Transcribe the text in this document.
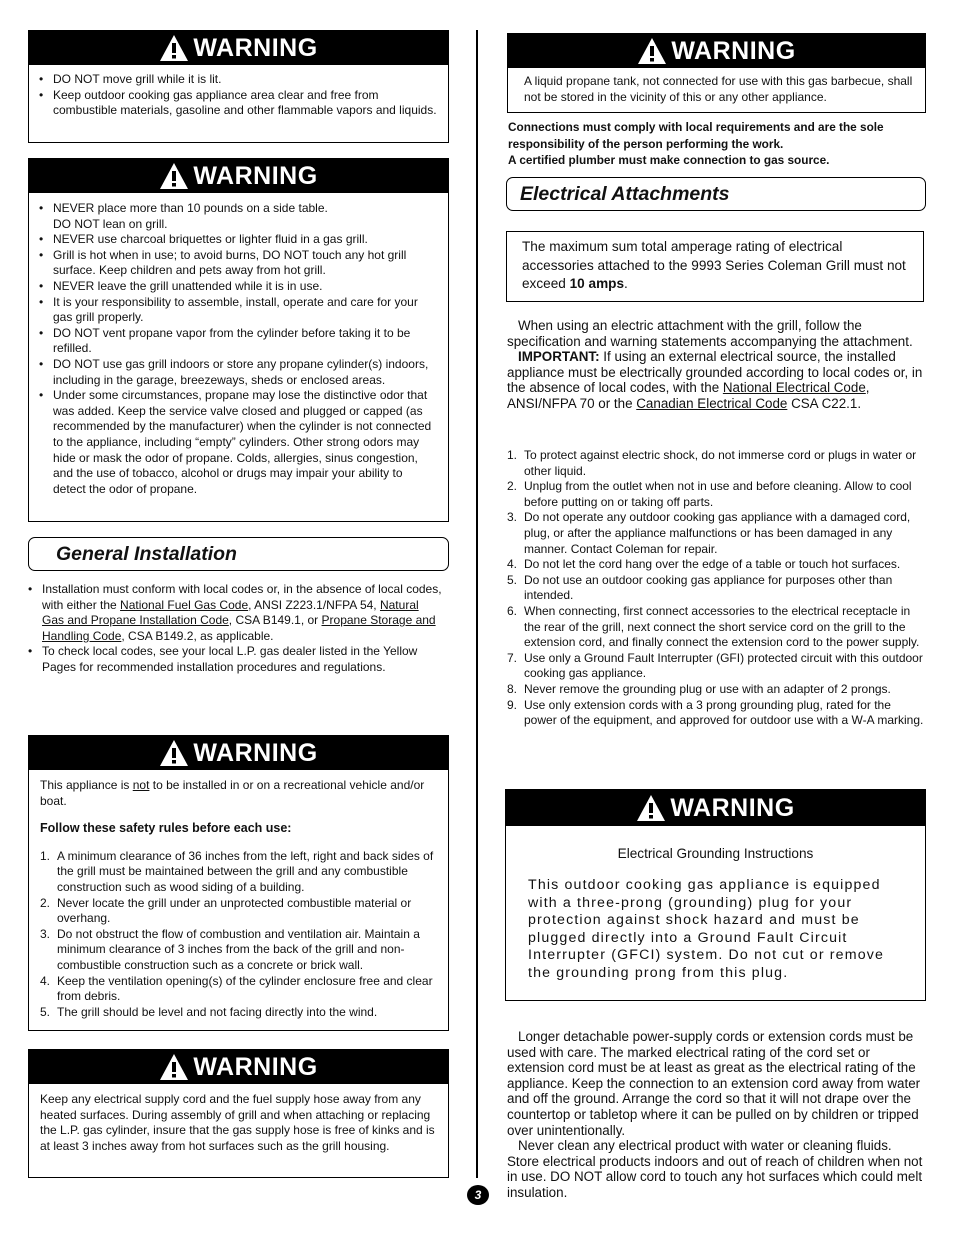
WARNING
• DO NOT move grill while it is lit.
• Keep outdoor cooking gas appliance area clear and free from combustible materials, gasoline and other flammable vapors and liquids.
WARNING
• NEVER place more than 10 pounds on a side table. DO NOT lean on grill.
• NEVER use charcoal briquettes or lighter fluid in a gas grill.
• Grill is hot when in use; to avoid burns, DO NOT touch any hot grill surface. Keep children and pets away from hot grill.
• NEVER leave the grill unattended while it is in use.
• It is your responsibility to assemble, install, operate and care for your gas grill properly.
• DO NOT vent propane vapor from the cylinder before taking it to be refilled.
• DO NOT use gas grill indoors or store any propane cylinder(s) indoors, including in the garage, breezeways, sheds or enclosed areas.
• Under some circumstances, propane may lose the distinctive odor that was added. Keep the service valve closed and plugged or capped (as recommended by the manufacturer) when the cylinder is not connected to the appliance, including “empty” cylinders. Other strong odors may hide or mask the odor of propane. Colds, allergies, sinus congestion, and the use of tobacco, alcohol or drugs may impair your ability to detect the odor of propane.
General Installation
• Installation must conform with local codes or, in the absence of local codes, with either the National Fuel Gas Code, ANSI Z223.1/NFPA 54, Natural Gas and Propane Installation Code, CSA B149.1, or Propane Storage and Handling Code, CSA B149.2, as applicable.
• To check local codes, see your local L.P. gas dealer listed in the Yellow Pages for recommended installation procedures and regulations.
WARNING

This appliance is not to be installed in or on a recreational vehicle and/or boat.

Follow these safety rules before each use:

1. A minimum clearance of 36 inches from the left, right and back sides of the grill must be maintained between the grill and any combustible construction such as wood siding of a building.
2. Never locate the grill under an unprotected combustible material or overhang.
3. Do not obstruct the flow of combustion and ventilation air. Maintain a minimum clearance of 3 inches from the back of the grill and non-combustible construction such as a concrete or brick wall.
4. Keep the ventilation opening(s) of the cylinder enclosure free and clear from debris.
5. The grill should be level and not facing directly into the wind.
WARNING

Keep any electrical supply cord and the fuel supply hose away from any heated surfaces. During assembly of grill and when attaching or replacing the L.P. gas cylinder, insure that the gas supply hose is free of kinks and is at least 3 inches away from hot surfaces such as the grill housing.

WARNING

A liquid propane tank, not connected for use with this gas barbecue, shall not be stored in the vicinity of this or any other appliance.

Connections must comply with local requirements and are the sole responsibility of the person performing the work.

A certified plumber must make connection to gas source.

Electrical Attachments
The maximum sum total amperage rating of electrical accessories attached to the 9993 Series Coleman Grill must not exceed 10 amps.

When using an electric attachment with the grill, follow the specification and warning statements accompanying the attachment.

IMPORTANT: If using an external electrical source, the installed appliance must be electrically grounded according to local codes or, in the absence of local codes, with the National Electrical Code, ANSI/NFPA 70 or the Canadian Electrical Code CSA C22.1.

1. To protect against electric shock, do not immerse cord or plugs in water or other liquid.
2. Unplug from the outlet when not in use and before cleaning. Allow to cool before putting on or taking off parts.
3. Do not operate any outdoor cooking gas appliance with a damaged cord, plug, or after the appliance malfunctions or has been damaged in any manner. Contact Coleman for repair.
4. Do not let the cord hang over the edge of a table or touch hot surfaces.
5. Do not use an outdoor cooking gas appliance for purposes other than intended.
6. When connecting, first connect accessories to the electrical receptacle in the rear of the grill, next connect the short service cord on the grill to the extension cord, and finally connect the extension cord to the power supply.
7. Use only a Ground Fault Interrupter (GFI) protected circuit with this outdoor cooking gas appliance.
8. Never remove the grounding plug or use with an adapter of 2 prongs.
9. Use only extension cords with a 3 prong grounding plug, rated for the power of the equipment, and approved for outdoor use with a W-A marking.
WARNING

Electrical Grounding Instructions

This outdoor cooking gas appliance is equipped with a three-prong (grounding) plug for your protection against shock hazard and must be plugged directly into a Ground Fault Circuit Interrupter (GFCI) system. Do not cut or remove the grounding prong from this plug.

Longer detachable power-supply cords or extension cords must be used with care. The marked electrical rating of the cord set or extension cord must be at least as great as the electrical rating of the appliance. Keep the connection to an extension cord away from water and off the ground. Arrange the cord so that it will not drape over the countertop or tabletop where it can be pulled on by children or tripped over unintentionally.

Never clean any electrical product with water or cleaning fluids. Store electrical products indoors and out of reach of children when not in use. DO NOT allow cord to touch any hot surfaces which could melt insulation.

3
